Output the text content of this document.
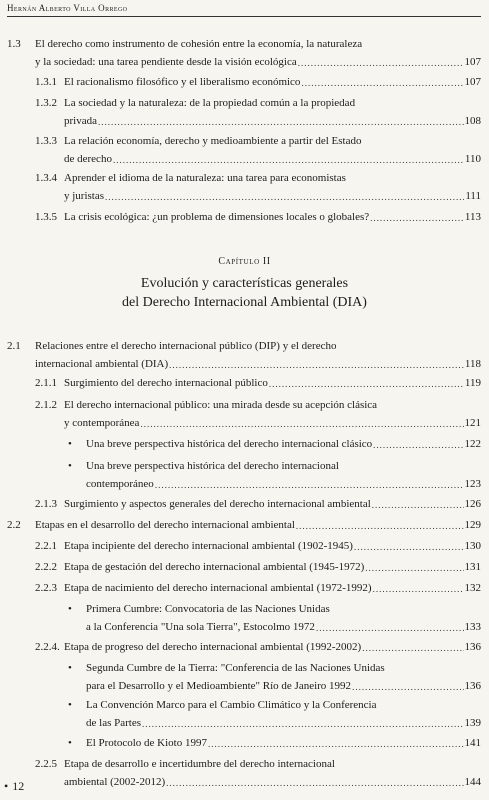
Hernán Alberto Villa Orrego
1.3 El derecho como instrumento de cohesión entre la economía, la naturaleza
y la sociedad: una tarea pendiente desde la visión ecológica .....	107
1.3.1 El racionalismo filosófico y el liberalismo económico .....	107
1.3.2 La sociedad y la naturaleza: de la propiedad común a la propiedad
privada .....	108
1.3.3 La relación economía, derecho y medioambiente a partir del Estado
de derecho .....	110
1.3.4 Aprender el idioma de la naturaleza: una tarea para economistas
y juristas .....	111
1.3.5 La crisis ecológica: ¿un problema de dimensiones locales o globales? .....	113
2.1 Relaciones entre el derecho internacional público (DIP) y el derecho
internacional ambiental (DIA) .....	118
2.1.1 Surgimiento del derecho internacional público .....	119
2.1.2 El derecho internacional público: una mirada desde su acepción clásica
y contemporánea .....	121
• Una breve perspectiva histórica del derecho internacional clásico .....	122
• Una breve perspectiva histórica del derecho internacional
contemporáneo .....	123
2.1.3 Surgimiento y aspectos generales del derecho internacional ambiental .....	126
2.2 Etapas en el desarrollo del derecho internacional ambiental .....	129
2.2.1 Etapa incipiente del derecho internacional ambiental (1902-1945) .....	130
2.2.2 Etapa de gestación del derecho internacional ambiental (1945-1972) .....	131
2.2.3 Etapa de nacimiento del derecho internacional ambiental (1972-1992) .....	132
• Primera Cumbre: Convocatoria de las Naciones Unidas
a la Conferencia "Una sola Tierra", Estocolmo 1972 .....	133
2.2.4. Etapa de progreso del derecho internacional ambiental (1992-2002) .....	136
• Segunda Cumbre de la Tierra: "Conferencia de las Naciones Unidas
para el Desarrollo y el Medioambiente" Río de Janeiro 1992 .....	136
• La Convención Marco para el Cambio Climático y la Conferencia
de las Partes .....	139
• El Protocolo de Kioto 1997 .....	141
2.2.5 Etapa de desarrollo e incertidumbre del derecho internacional
ambiental (2002-2012) .....	144
Capítulo II
Evolución y características generales
del Derecho Internacional Ambiental (DIA)
• 12
